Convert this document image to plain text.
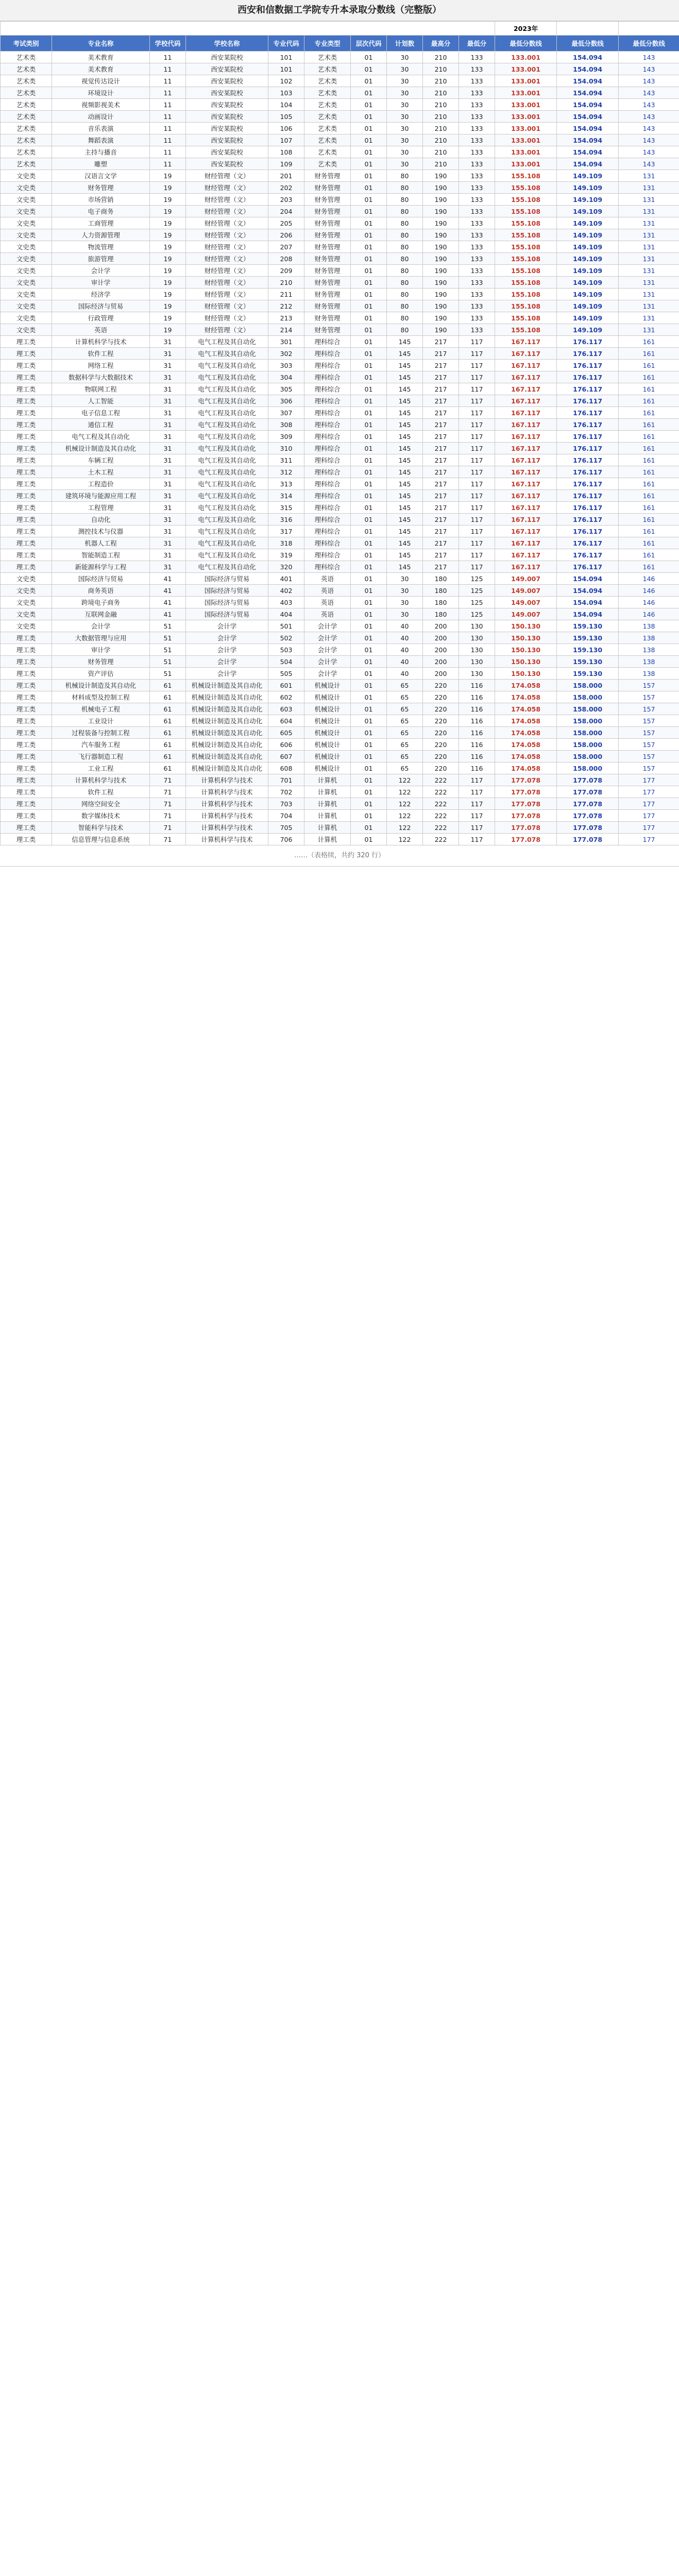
西安和信数据工学院专升本录取分数线（完整版）
										2023年	2022年	2021年
考试类别	专业名称	学校代码	学校名称	专业代码	专业类型	层次代码	计划数	最高分	最低分	最低分数线	最低分数线	最低分数线
艺术类	美术教育	11	西安某院校	101	艺术类	01	30	210	133	133.001	154.094	143
艺术类	美术教育	11	西安某院校	101	艺术类	01	30	210	133	133.001	154.094	143
艺术类	视觉传达设计	11	西安某院校	102	艺术类	01	30	210	133	133.001	154.094	143
艺术类	环境设计	11	西安某院校	103	艺术类	01	30	210	133	133.001	154.094	143
艺术类	视频影视美术	11	西安某院校	104	艺术类	01	30	210	133	133.001	154.094	143
艺术类	动画设计	11	西安某院校	105	艺术类	01	30	210	133	133.001	154.094	143
艺术类	音乐表演	11	西安某院校	106	艺术类	01	30	210	133	133.001	154.094	143
艺术类	舞蹈表演	11	西安某院校	107	艺术类	01	30	210	133	133.001	154.094	143
艺术类	主持与播音	11	西安某院校	108	艺术类	01	30	210	133	133.001	154.094	143
艺术类	雕塑	11	西安某院校	109	艺术类	01	30	210	133	133.001	154.094	143
文史类	汉语言文学	19	财经管理（文）	201	财务管理	01	80	190	133	155.108	149.109	131
文史类	财务管理	19	财经管理（文）	202	财务管理	01	80	190	133	155.108	149.109	131
文史类	市场营销	19	财经管理（文）	203	财务管理	01	80	190	133	155.108	149.109	131
文史类	电子商务	19	财经管理（文）	204	财务管理	01	80	190	133	155.108	149.109	131
文史类	工商管理	19	财经管理（文）	205	财务管理	01	80	190	133	155.108	149.109	131
文史类	人力资源管理	19	财经管理（文）	206	财务管理	01	80	190	133	155.108	149.109	131
文史类	物流管理	19	财经管理（文）	207	财务管理	01	80	190	133	155.108	149.109	131
文史类	旅游管理	19	财经管理（文）	208	财务管理	01	80	190	133	155.108	149.109	131
文史类	会计学	19	财经管理（文）	209	财务管理	01	80	190	133	155.108	149.109	131
文史类	审计学	19	财经管理（文）	210	财务管理	01	80	190	133	155.108	149.109	131
文史类	经济学	19	财经管理（文）	211	财务管理	01	80	190	133	155.108	149.109	131
文史类	国际经济与贸易	19	财经管理（文）	212	财务管理	01	80	190	133	155.108	149.109	131
文史类	行政管理	19	财经管理（文）	213	财务管理	01	80	190	133	155.108	149.109	131
文史类	英语	19	财经管理（文）	214	财务管理	01	80	190	133	155.108	149.109	131
理工类	计算机科学与技术	31	电气工程及其自动化	301	理科综合	01	145	217	117	167.117	176.117	161
理工类	软件工程	31	电气工程及其自动化	302	理科综合	01	145	217	117	167.117	176.117	161
理工类	网络工程	31	电气工程及其自动化	303	理科综合	01	145	217	117	167.117	176.117	161
理工类	数据科学与大数据技术	31	电气工程及其自动化	304	理科综合	01	145	217	117	167.117	176.117	161
理工类	物联网工程	31	电气工程及其自动化	305	理科综合	01	145	217	117	167.117	176.117	161
理工类	人工智能	31	电气工程及其自动化	306	理科综合	01	145	217	117	167.117	176.117	161
理工类	电子信息工程	31	电气工程及其自动化	307	理科综合	01	145	217	117	167.117	176.117	161
理工类	通信工程	31	电气工程及其自动化	308	理科综合	01	145	217	117	167.117	176.117	161
理工类	电气工程及其自动化	31	电气工程及其自动化	309	理科综合	01	145	217	117	167.117	176.117	161
理工类	机械设计制造及其自动化	31	电气工程及其自动化	310	理科综合	01	145	217	117	167.117	176.117	161
理工类	车辆工程	31	电气工程及其自动化	311	理科综合	01	145	217	117	167.117	176.117	161
理工类	土木工程	31	电气工程及其自动化	312	理科综合	01	145	217	117	167.117	176.117	161
理工类	工程造价	31	电气工程及其自动化	313	理科综合	01	145	217	117	167.117	176.117	161
理工类	建筑环境与能源应用工程	31	电气工程及其自动化	314	理科综合	01	145	217	117	167.117	176.117	161
理工类	工程管理	31	电气工程及其自动化	315	理科综合	01	145	217	117	167.117	176.117	161
理工类	自动化	31	电气工程及其自动化	316	理科综合	01	145	217	117	167.117	176.117	161
理工类	测控技术与仪器	31	电气工程及其自动化	317	理科综合	01	145	217	117	167.117	176.117	161
理工类	机器人工程	31	电气工程及其自动化	318	理科综合	01	145	217	117	167.117	176.117	161
理工类	智能制造工程	31	电气工程及其自动化	319	理科综合	01	145	217	117	167.117	176.117	161
理工类	新能源科学与工程	31	电气工程及其自动化	320	理科综合	01	145	217	117	167.117	176.117	161
文史类	国际经济与贸易	41	国际经济与贸易	401	英语	01	30	180	125	149.007	154.094	146
文史类	商务英语	41	国际经济与贸易	402	英语	01	30	180	125	149.007	154.094	146
文史类	跨境电子商务	41	国际经济与贸易	403	英语	01	30	180	125	149.007	154.094	146
文史类	互联网金融	41	国际经济与贸易	404	英语	01	30	180	125	149.007	154.094	146
文史类	会计学	51	会计学	501	会计学	01	40	200	130	150.130	159.130	138
理工类	大数据管理与应用	51	会计学	502	会计学	01	40	200	130	150.130	159.130	138
理工类	审计学	51	会计学	503	会计学	01	40	200	130	150.130	159.130	138
理工类	财务管理	51	会计学	504	会计学	01	40	200	130	150.130	159.130	138
理工类	资产评估	51	会计学	505	会计学	01	40	200	130	150.130	159.130	138
理工类	机械设计制造及其自动化	61	机械设计制造及其自动化	601	机械设计	01	65	220	116	174.058	158.000	157
理工类	材料成型及控制工程	61	机械设计制造及其自动化	602	机械设计	01	65	220	116	174.058	158.000	157
理工类	机械电子工程	61	机械设计制造及其自动化	603	机械设计	01	65	220	116	174.058	158.000	157
理工类	工业设计	61	机械设计制造及其自动化	604	机械设计	01	65	220	116	174.058	158.000	157
理工类	过程装备与控制工程	61	机械设计制造及其自动化	605	机械设计	01	65	220	116	174.058	158.000	157
理工类	汽车服务工程	61	机械设计制造及其自动化	606	机械设计	01	65	220	116	174.058	158.000	157
理工类	飞行器制造工程	61	机械设计制造及其自动化	607	机械设计	01	65	220	116	174.058	158.000	157
理工类	工业工程	61	机械设计制造及其自动化	608	机械设计	01	65	220	116	174.058	158.000	157
理工类	计算机科学与技术	71	计算机科学与技术	701	计算机	01	122	222	117	177.078	177.078	177
理工类	软件工程	71	计算机科学与技术	702	计算机	01	122	222	117	177.078	177.078	177
理工类	网络空间安全	71	计算机科学与技术	703	计算机	01	122	222	117	177.078	177.078	177
理工类	数字媒体技术	71	计算机科学与技术	704	计算机	01	122	222	117	177.078	177.078	177
理工类	智能科学与技术	71	计算机科学与技术	705	计算机	01	122	222	117	177.078	177.078	177
理工类	信息管理与信息系统	71	计算机科学与技术	706	计算机	01	122	222	117	177.078	177.078	177
……（表格续，共约 320 行）
